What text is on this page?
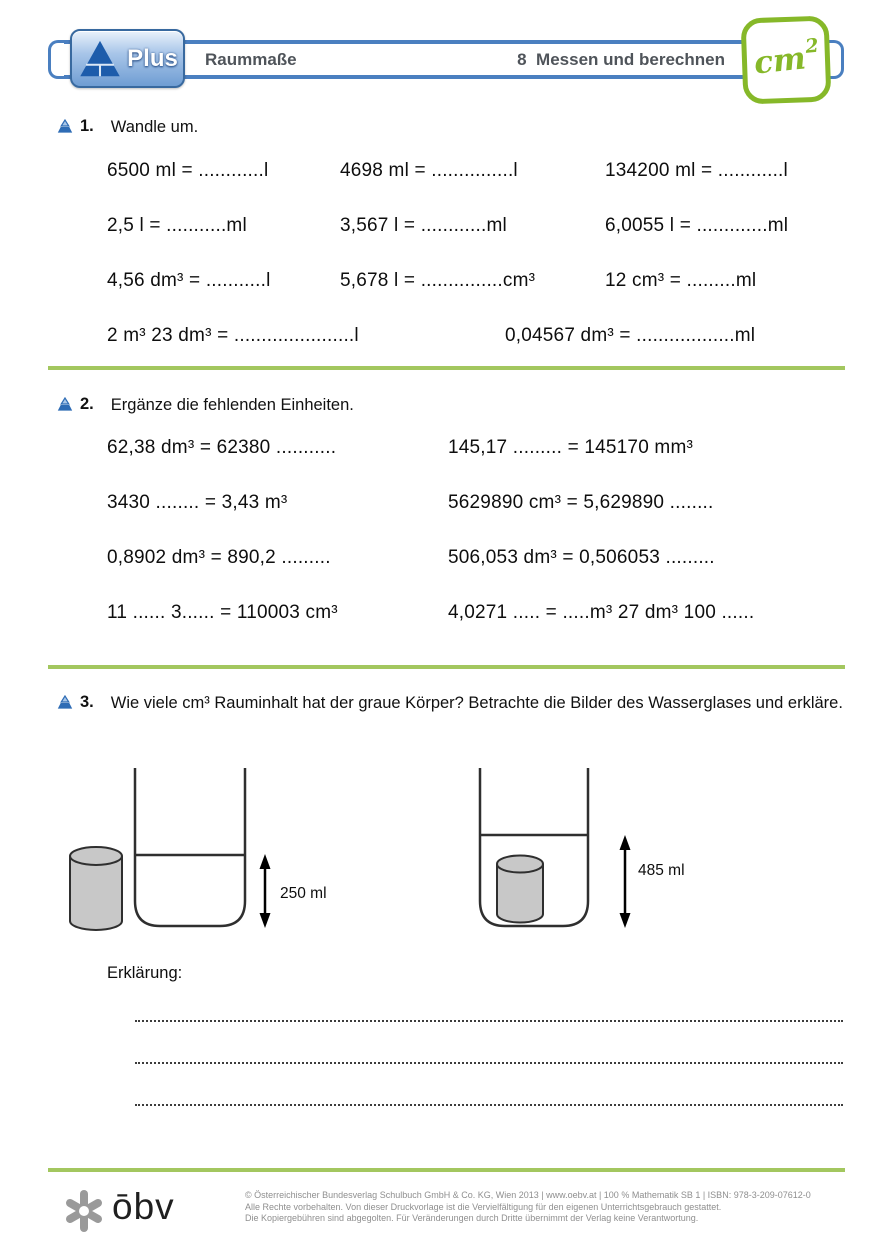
Plus Raummaße	8  Messen und berechnen $cm^2$
1. Wandle um.
6500 ml = ............l	4698 ml = ...............l	134200 ml = ............l
2,5 l = ...........ml	3,567 l = ............ml	6,0055 l = .............ml
4,56 dm³ = ...........l	5,678 l = ...............cm³	12 cm³ = .........ml
2 m³ 23 dm³ = ......................l	0,04567 dm³ = ..................ml
2. Ergänze die fehlenden Einheiten.
62,38 dm³ = 62380 ...........	145,17 ......... = 145170 mm³
3430 ........ = 3,43 m³	5629890 cm³ = 5,629890 ........
0,8902 dm³ = 890,2 .........	506,053 dm³ = 0,506053 .........
11 ...... 3...... = 110003 cm³	4,0271 ..... = .....m³ 27 dm³ 100 ......
3. Wie viele cm³ Rauminhalt hat der graue Körper? Betrachte die Bilder des Wasserglases und erkläre.
250 ml
485 ml
Erklärung:
ōbv	© Österreichischer Bundesverlag Schulbuch GmbH & Co. KG, Wien 2013 | www.oebv.at | 100 % Mathematik SB 1 | ISBN: 978-3-209-07612-0
Alle Rechte vorbehalten. Von dieser Druckvorlage ist die Vervielfältigung für den eigenen Unterrichtsgebrauch gestattet.
Die Kopiergebühren sind abgegolten. Für Veränderungen durch Dritte übernimmt der Verlag keine Verantwortung.
